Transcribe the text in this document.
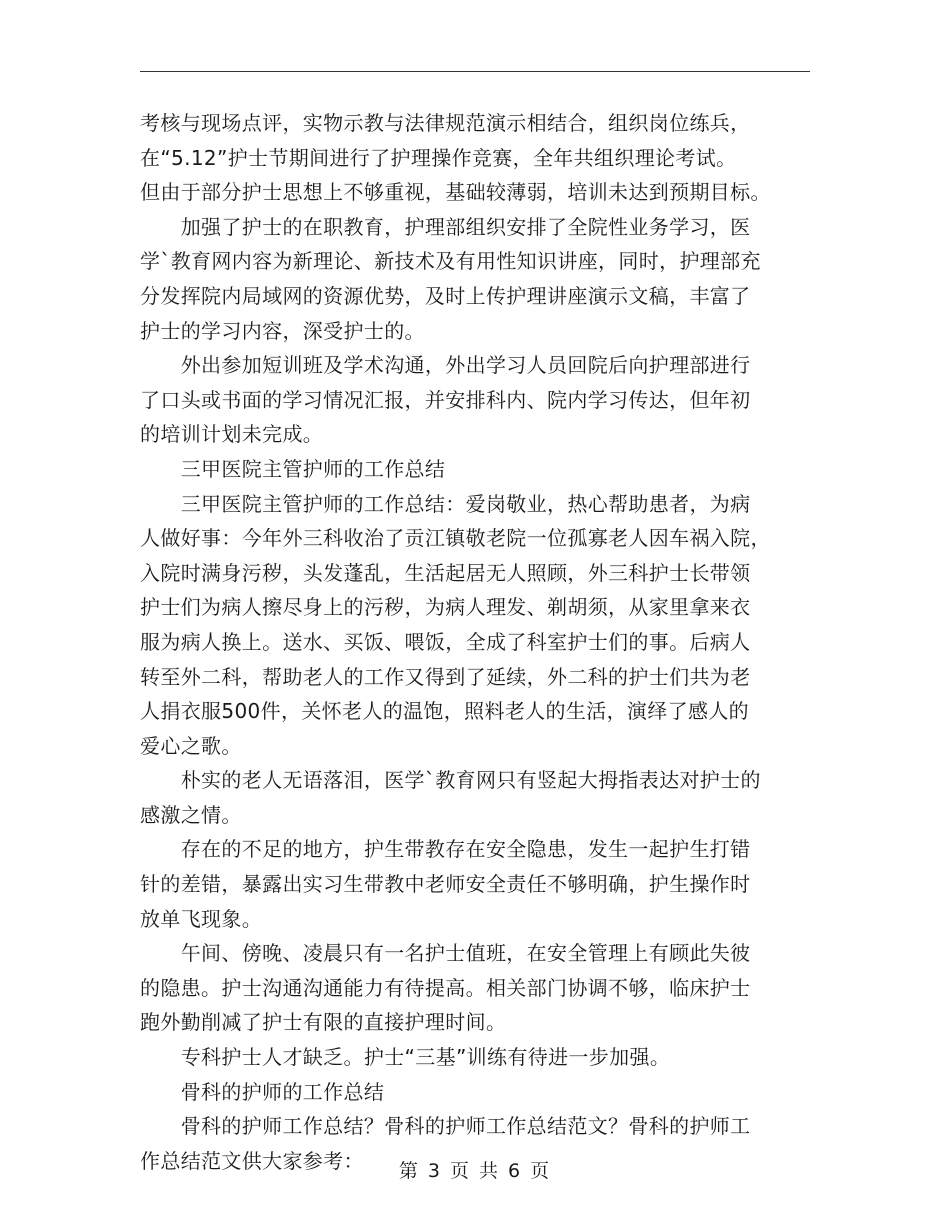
考核与现场点评，实物示教与法律规范演示相结合，组织岗位练兵，

在“5.12”护士节期间进行了护理操作竞赛，全年共组织理论考试。

但由于部分护士思想上不够重视，基础较薄弱，培训未达到预期目标。

　　加强了护士的在职教育，护理部组织安排了全院性业务学习，医

学`教育网内容为新理论、新技术及有用性知识讲座，同时，护理部充

分发挥院内局域网的资源优势，及时上传护理讲座演示文稿，丰富了

护士的学习内容，深受护士的。

　　外出参加短训班及学术沟通，外出学习人员回院后向护理部进行

了口头或书面的学习情况汇报，并安排科内、院内学习传达，但年初

的培训计划未完成。

　　三甲医院主管护师的工作总结

　　三甲医院主管护师的工作总结：爱岗敬业，热心帮助患者，为病

人做好事：今年外三科收治了贡江镇敬老院一位孤寡老人因车祸入院，

入院时满身污秽，头发蓬乱，生活起居无人照顾，外三科护士长带领

护士们为病人擦尽身上的污秽，为病人理发、剃胡须，从家里拿来衣

服为病人换上。送水、买饭、喂饭，全成了科室护士们的事。后病人

转至外二科，帮助老人的工作又得到了延续，外二科的护士们共为老

人捐衣服500件，关怀老人的温饱，照料老人的生活，演绎了感人的

爱心之歌。

　　朴实的老人无语落泪，医学`教育网只有竖起大拇指表达对护士的

感激之情。

　　存在的不足的地方，护生带教存在安全隐患，发生一起护生打错

针的差错，暴露出实习生带教中老师安全责任不够明确，护生操作时

放单飞现象。

　　午间、傍晚、凌晨只有一名护士值班，在安全管理上有顾此失彼

的隐患。护士沟通沟通能力有待提高。相关部门协调不够，临床护士

跑外勤削减了护士有限的直接护理时间。

　　专科护士人才缺乏。护士“三基”训练有待进一步加强。

　　骨科的护师的工作总结

　　骨科的护师工作总结？骨科的护师工作总结范文？骨科的护师工

作总结范文供大家参考：	第 3 页 共 6 页
